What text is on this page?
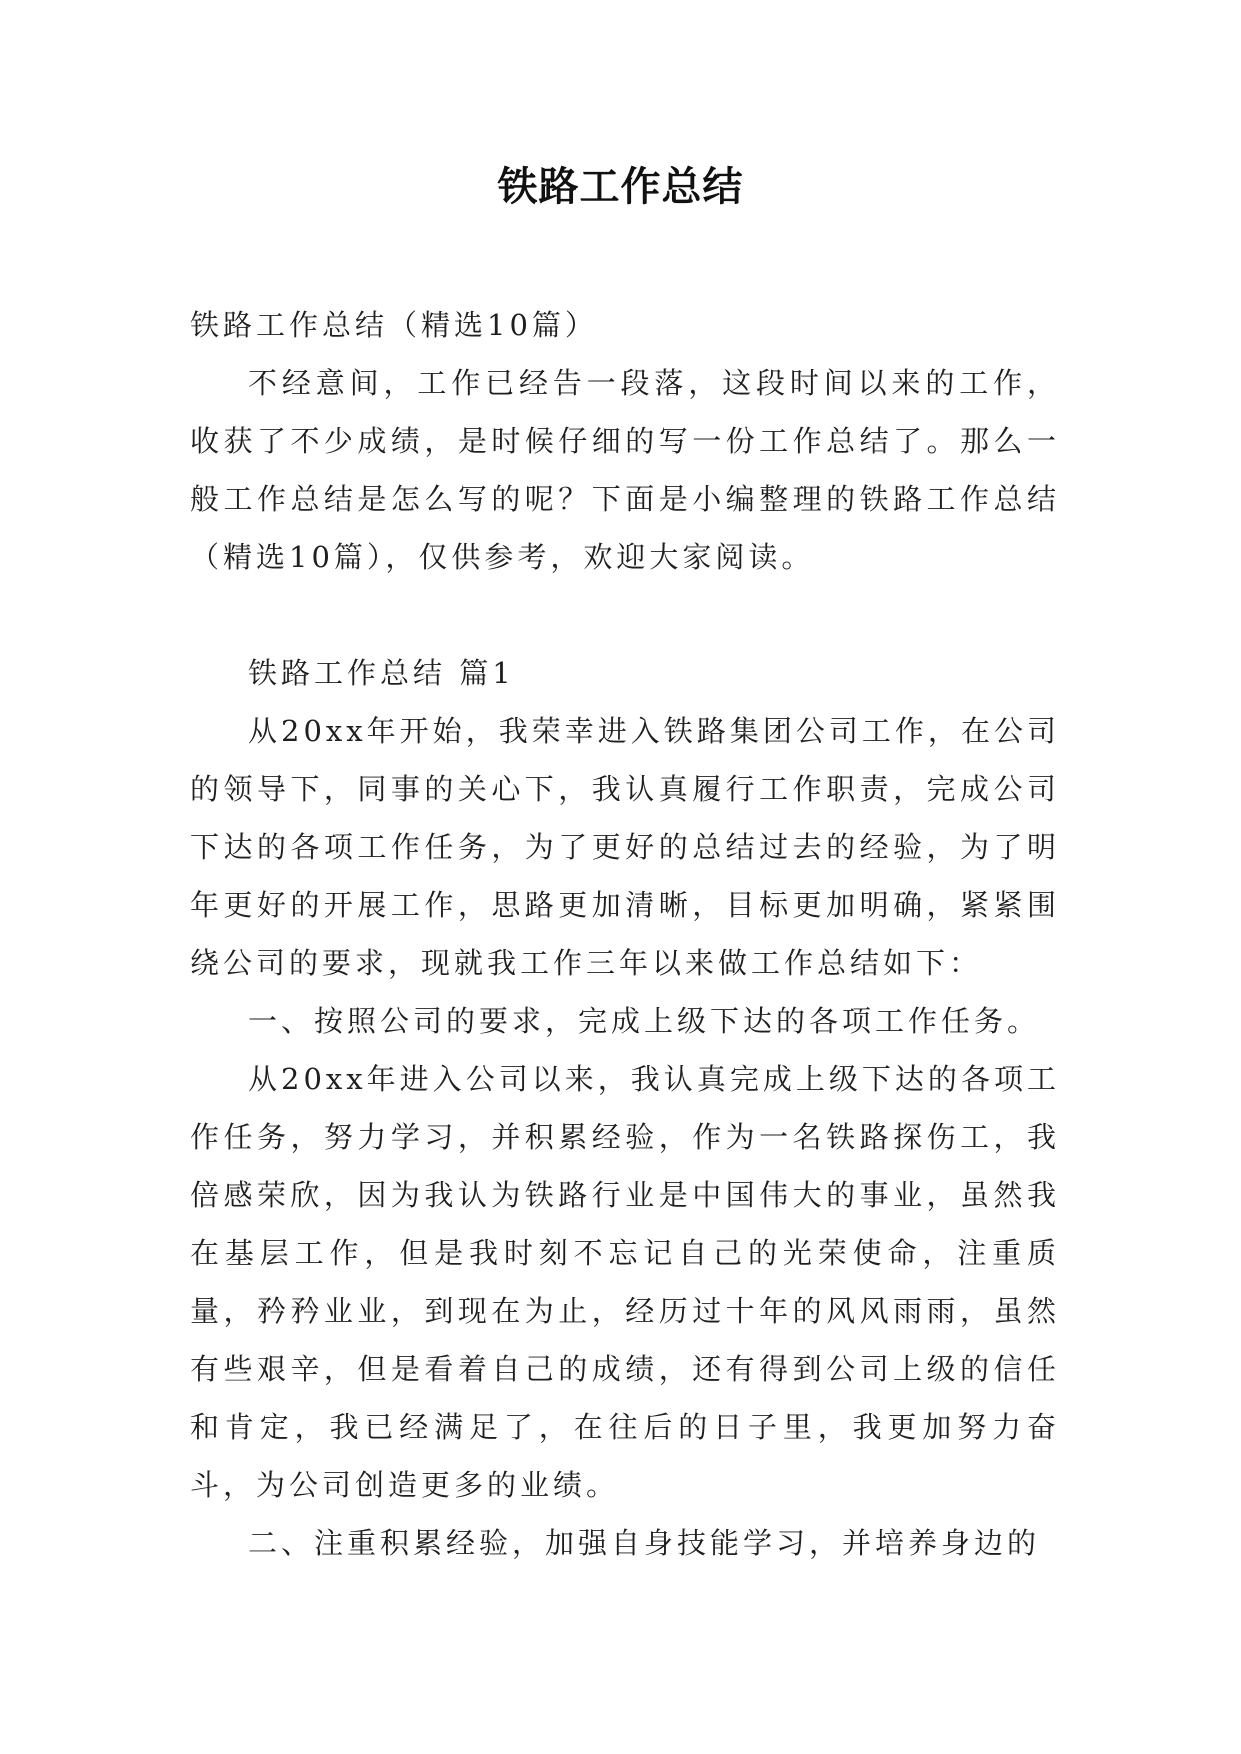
铁路工作总结

铁路工作总结（精选10篇）

不经意间，工作已经告一段落，这段时间以来的工作，收获了不少成绩，是时候仔细的写一份工作总结了。那么一般工作总结是怎么写的呢？下面是小编整理的铁路工作总结（精选10篇），仅供参考，欢迎大家阅读。

铁路工作总结 篇1

从20xx年开始，我荣幸进入铁路集团公司工作，在公司的领导下，同事的关心下，我认真履行工作职责，完成公司下达的各项工作任务，为了更好的总结过去的经验，为了明年更好的开展工作，思路更加清晰，目标更加明确，紧紧围绕公司的要求，现就我工作三年以来做工作总结如下：

一、按照公司的要求，完成上级下达的各项工作任务。

从20xx年进入公司以来，我认真完成上级下达的各项工作任务，努力学习，并积累经验，作为一名铁路探伤工，我倍感荣欣，因为我认为铁路行业是中国伟大的事业，虽然我在基层工作，但是我时刻不忘记自己的光荣使命，注重质量，矜矜业业，到现在为止，经历过十年的风风雨雨，虽然有些艰辛，但是看着自己的成绩，还有得到公司上级的信任和肯定，我已经满足了，在往后的日子里，我更加努力奋斗，为公司创造更多的业绩。

二、注重积累经验，加强自身技能学习，并培养身边的
